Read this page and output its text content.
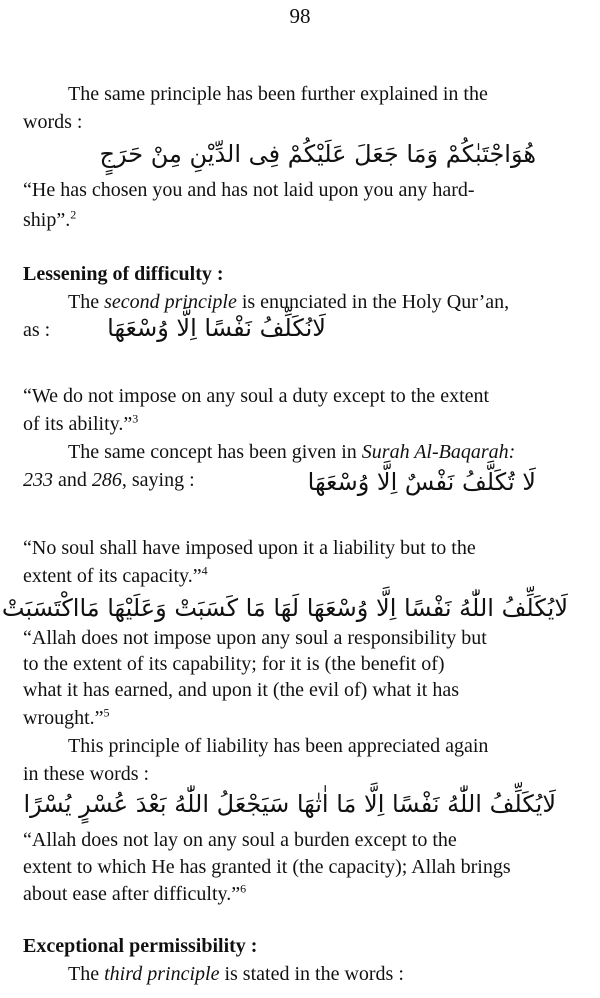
98
The same principle has been further explained in the
words :
هُوَاجْتَبٰكُمْ وَمَا جَعَلَ عَلَيْكُمْ فِى الدِّيْنِ مِنْ حَرَجٍ
“He has chosen you and has not laid upon you any hard-
ship”.$^2$
Lessening of difficulty :
The second principle is enunciated in the Holy Qur’an,
as : لَانُكَلِّفُ نَفْسًا اِلَّا وُسْعَهَا
“We do not impose on any soul a duty except to the extent
of its ability.”$^3$
The same concept has been given in Surah Al-Baqarah:
233 and 286, saying :	لَا تُكَلَّفُ نَفْسٌ اِلَّا وُسْعَهَا
“No soul shall have imposed upon it a liability but to the
extent of its capacity.”$^4$
لَايُكَلِّفُ اللّٰهُ نَفْسًا اِلَّا وُسْعَهَا لَهَا مَا كَسَبَتْ وَعَلَيْهَا مَااكْتَسَبَتْ
“Allah does not impose upon any soul a responsibility but
to the extent of its capability; for it is (the benefit of)
what it has earned, and upon it (the evil of) what it has
wrought.”$^5$
This principle of liability has been appreciated again
in these words :
لَايُكَلِّفُ اللّٰهُ نَفْسًا اِلَّا مَا اٰتٰهَا سَيَجْعَلُ اللّٰهُ بَعْدَ عُسْرٍ يُسْرًا
“Allah does not lay on any soul a burden except to the
extent to which He has granted it (the capacity); Allah brings
about ease after difficulty.”$^6$
Exceptional permissibility :
The third principle is stated in the words :
